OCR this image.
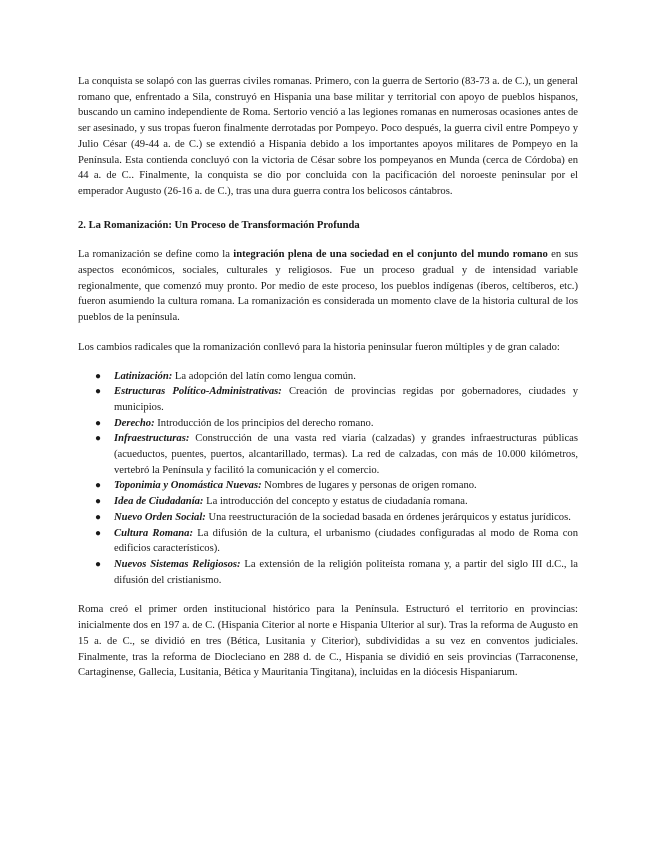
La conquista se solapó con las guerras civiles romanas. Primero, con la guerra de Sertorio (83-73 a. de C.), un general romano que, enfrentado a Sila, construyó en Hispania una base militar y territorial con apoyo de pueblos hispanos, buscando un camino independiente de Roma. Sertorio venció a las legiones romanas en numerosas ocasiones antes de ser asesinado, y sus tropas fueron finalmente derrotadas por Pompeyo. Poco después, la guerra civil entre Pompeyo y Julio César (49-44 a. de C.) se extendió a Hispania debido a los importantes apoyos militares de Pompeyo en la Península. Esta contienda concluyó con la victoria de César sobre los pompeyanos en Munda (cerca de Córdoba) en 44 a. de C.. Finalmente, la conquista se dio por concluida con la pacificación del noroeste peninsular por el emperador Augusto (26-16 a. de C.), tras una dura guerra contra los belicosos cántabros.

2. La Romanización: Un Proceso de Transformación Profunda

La romanización se define como la integración plena de una sociedad en el conjunto del mundo romano en sus aspectos económicos, sociales, culturales y religiosos. Fue un proceso gradual y de intensidad variable regionalmente, que comenzó muy pronto. Por medio de este proceso, los pueblos indígenas (íberos, celtíberos, etc.) fueron asumiendo la cultura romana. La romanización es considerada un momento clave de la historia cultural de los pueblos de la península.

Los cambios radicales que la romanización conllevó para la historia peninsular fueron múltiples y de gran calado:

● Latinización: La adopción del latín como lengua común.
● Estructuras Político-Administrativas: Creación de provincias regidas por gobernadores, ciudades y municipios.
● Derecho: Introducción de los principios del derecho romano.
● Infraestructuras: Construcción de una vasta red viaria (calzadas) y grandes infraestructuras públicas (acueductos, puentes, puertos, alcantarillado, termas). La red de calzadas, con más de 10.000 kilómetros, vertebró la Península y facilitó la comunicación y el comercio.
● Toponimia y Onomástica Nuevas: Nombres de lugares y personas de origen romano.
● Idea de Ciudadanía: La introducción del concepto y estatus de ciudadanía romana.
● Nuevo Orden Social: Una reestructuración de la sociedad basada en órdenes jerárquicos y estatus jurídicos.
● Cultura Romana: La difusión de la cultura, el urbanismo (ciudades configuradas al modo de Roma con edificios característicos).
● Nuevos Sistemas Religiosos: La extensión de la religión politeísta romana y, a partir del siglo III d.C., la difusión del cristianismo.

Roma creó el primer orden institucional histórico para la Península. Estructuró el territorio en provincias: inicialmente dos en 197 a. de C. (Hispania Citerior al norte e Hispania Ulterior al sur). Tras la reforma de Augusto en 15 a. de C., se dividió en tres (Bética, Lusitania y Citerior), subdivididas a su vez en conventos judiciales. Finalmente, tras la reforma de Diocleciano en 288 d. de C., Hispania se dividió en seis provincias (Tarraconense, Cartaginense, Gallecia, Lusitania, Bética y Mauritania Tingitana), incluidas en la diócesis Hispaniarum.
